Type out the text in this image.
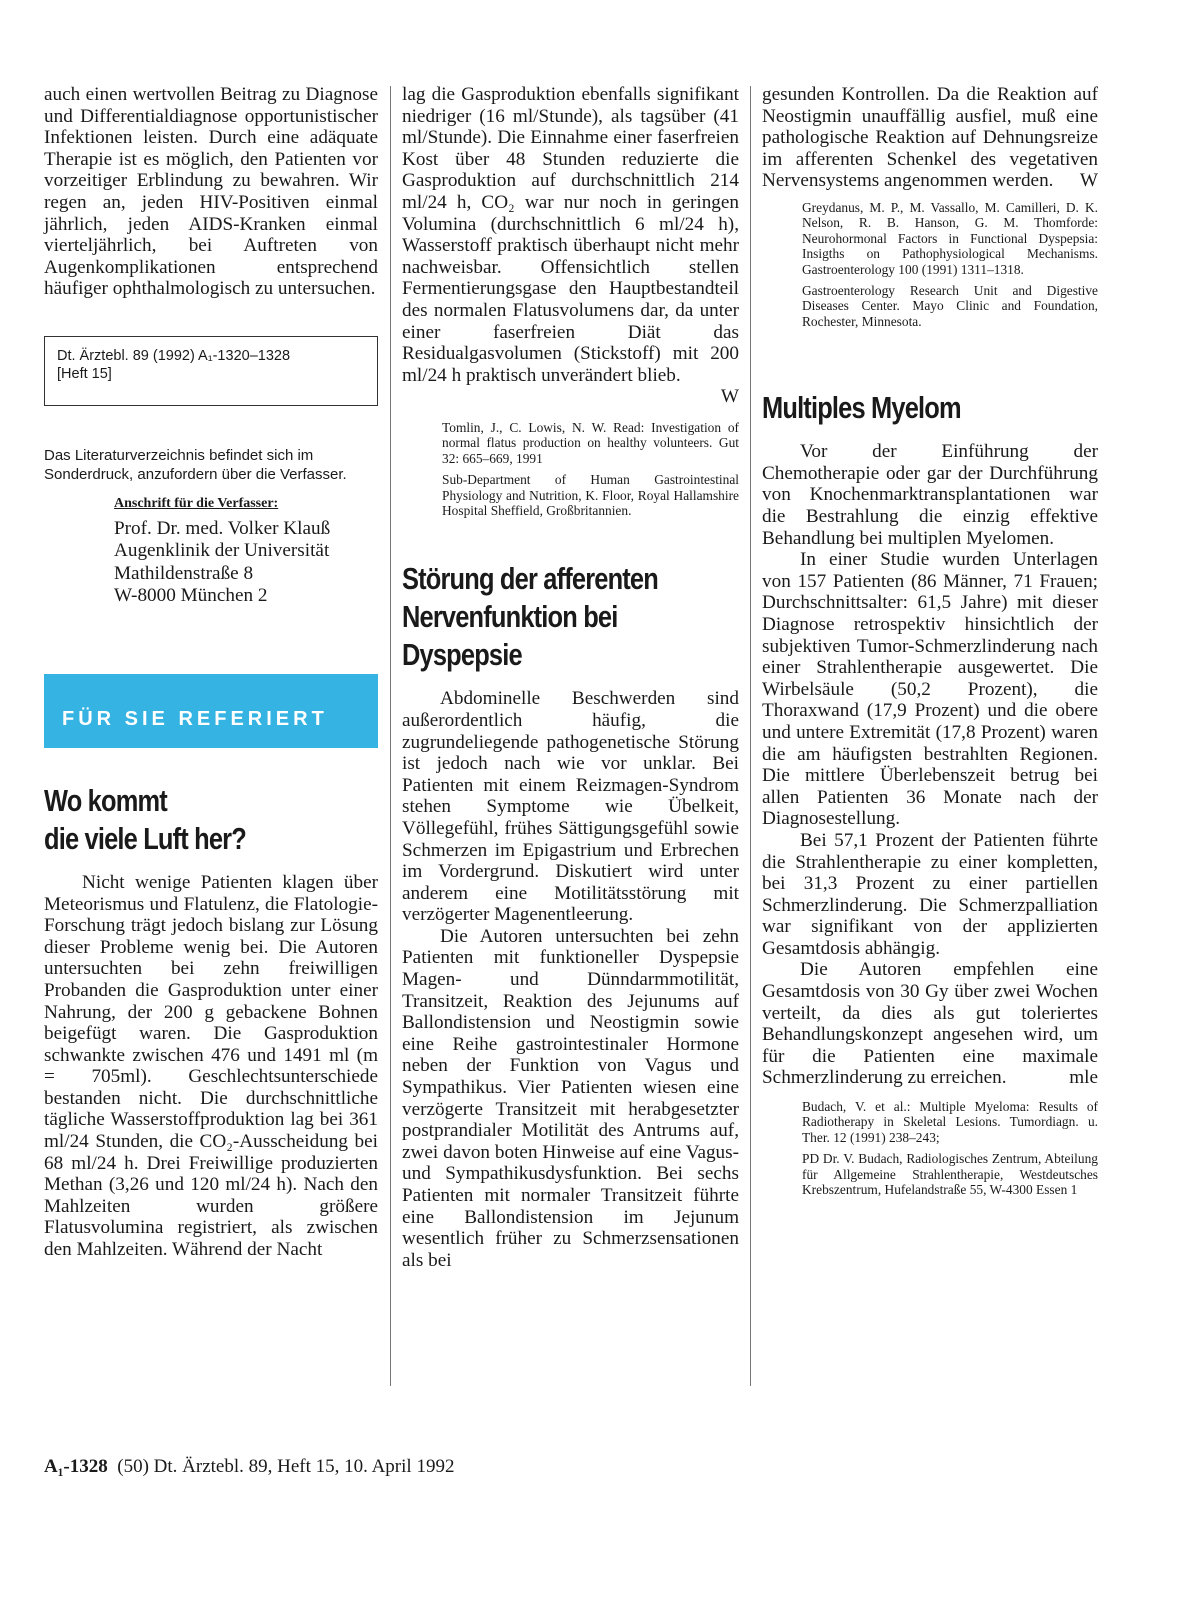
auch einen wertvollen Beitrag zu Diagnose und Differentialdiagnose opportunistischer Infektionen leisten. Durch eine adäquate Therapie ist es möglich, den Patienten vor vorzeitiger Erblindung zu bewahren. Wir regen an, jeden HIV-Positiven einmal jährlich, jeden AIDS-Kranken einmal vierteljährlich, bei Auftreten von Augenkomplikationen entsprechend häufiger ophthalmologisch zu untersuchen.

Dt. Ärztebl. 89 (1992) A₁-1320–1328
[Heft 15]

Das Literaturverzeichnis befindet sich im Sonderdruck, anzufordern über die Verfasser.

Anschrift für die Verfasser:

Prof. Dr. med. Volker Klauß

Augenklinik der Universität

Mathildenstraße 8

W-8000 München 2

FÜR SIE REFERIERT

Wo kommt

die viele Luft her?

Nicht wenige Patienten klagen über Meteorismus und Flatulenz, die Flatologie-Forschung trägt jedoch bislang zur Lösung dieser Probleme wenig bei. Die Autoren untersuchten bei zehn freiwilligen Probanden die Gasproduktion unter einer Nahrung, der 200 g gebackene Bohnen beigefügt waren. Die Gasproduktion schwankte zwischen 476 und 1491 ml (m = 705ml). Geschlechtsunterschiede bestanden nicht. Die durchschnittliche tägliche Wasserstoffproduktion lag bei 361 ml/24 Stunden, die CO₂-Ausscheidung bei 68 ml/24 h. Drei Freiwillige produzierten Methan (3,26 und 120 ml/24 h). Nach den Mahlzeiten wurden größere Flatusvolumina registriert, als zwischen den Mahlzeiten. Während der Nacht

lag die Gasproduktion ebenfalls signifikant niedriger (16 ml/Stunde), als tagsüber (41 ml/Stunde). Die Einnahme einer faserfreien Kost über 48 Stunden reduzierte die Gasproduktion auf durchschnittlich 214 ml/24 h, CO₂ war nur noch in geringen Volumina (durchschnittlich 6 ml/24 h), Wasserstoff praktisch überhaupt nicht mehr nachweisbar. Offensichtlich stellen Fermentierungsgase den Hauptbestandteil des normalen Flatusvolumens dar, da unter einer faserfreien Diät das Residualgasvolumen (Stickstoff) mit 200 ml/24 h praktisch unverändert blieb.

W

Tomlin, J., C. Lowis, N. W. Read: Investigation of normal flatus production on healthy volunteers. Gut 32: 665–669, 1991

Sub-Department of Human Gastrointestinal Physiology and Nutrition, K. Floor, Royal Hallamshire Hospital Sheffield, Großbritannien.

Störung der afferenten

Nervenfunktion bei

Dyspepsie

Abdominelle Beschwerden sind außerordentlich häufig, die zugrundeliegende pathogenetische Störung ist jedoch nach wie vor unklar. Bei Patienten mit einem Reizmagen-Syndrom stehen Symptome wie Übelkeit, Völlegefühl, frühes Sättigungsgefühl sowie Schmerzen im Epigastrium und Erbrechen im Vordergrund. Diskutiert wird unter anderem eine Motilitätsstörung mit verzögerter Magenentleerung.

Die Autoren untersuchten bei zehn Patienten mit funktioneller Dyspepsie Magen- und Dünndarmmotilität, Transitzeit, Reaktion des Jejunums auf Ballondistension und Neostigmin sowie eine Reihe gastrointestinaler Hormone neben der Funktion von Vagus und Sympathikus. Vier Patienten wiesen eine verzögerte Transitzeit mit herabgesetzter postprandialer Motilität des Antrums auf, zwei davon boten Hinweise auf eine Vagus- und Sympathikusdysfunktion. Bei sechs Patienten mit normaler Transitzeit führte eine Ballondistension im Jejunum wesentlich früher zu Schmerzsensationen als bei

gesunden Kontrollen. Da die Reaktion auf Neostigmin unauffällig ausfiel, muß eine pathologische Reaktion auf Dehnungsreize im afferenten Schenkel des vegetativen Nervensystems angenommen werden.	W

Greydanus, M. P., M. Vassallo, M. Camilleri, D. K. Nelson, R. B. Hanson, G. M. Thomforde: Neurohormonal Factors in Functional Dyspepsia: Insigths on Pathophysiological Mechanisms. Gastroenterology 100 (1991) 1311–1318.

Gastroenterology Research Unit and Digestive Diseases Center. Mayo Clinic and Foundation, Rochester, Minnesota.

Multiples Myelom

Vor der Einführung der Chemotherapie oder gar der Durchführung von Knochenmarktransplantationen war die Bestrahlung die einzig effektive Behandlung bei multiplen Myelomen.

In einer Studie wurden Unterlagen von 157 Patienten (86 Männer, 71 Frauen; Durchschnittsalter: 61,5 Jahre) mit dieser Diagnose retrospektiv hinsichtlich der subjektiven Tumor-Schmerzlinderung nach einer Strahlentherapie ausgewertet. Die Wirbelsäule (50,2 Prozent), die Thoraxwand (17,9 Prozent) und die obere und untere Extremität (17,8 Prozent) waren die am häufigsten bestrahlten Regionen. Die mittlere Überlebenszeit betrug bei allen Patienten 36 Monate nach der Diagnosestellung.

Bei 57,1 Prozent der Patienten führte die Strahlentherapie zu einer kompletten, bei 31,3 Prozent zu einer partiellen Schmerzlinderung. Die Schmerzpalliation war signifikant von der applizierten Gesamtdosis abhängig.

Die Autoren empfehlen eine Gesamtdosis von 30 Gy über zwei Wochen verteilt, da dies als gut toleriertes Behandlungskonzept angesehen wird, um für die Patienten eine maximale Schmerzlinderung zu erreichen.	mle

Budach, V. et al.: Multiple Myeloma: Results of Radiotherapy in Skeletal Lesions. Tumordiagn. u. Ther. 12 (1991) 238–243;

PD Dr. V. Budach, Radiologisches Zentrum, Abteilung für Allgemeine Strahlentherapie, Westdeutsches Krebszentrum, Hufelandstraße 55, W-4300 Essen 1

A₁-1328  (50) Dt. Ärztebl. 89, Heft 15, 10. April 1992
